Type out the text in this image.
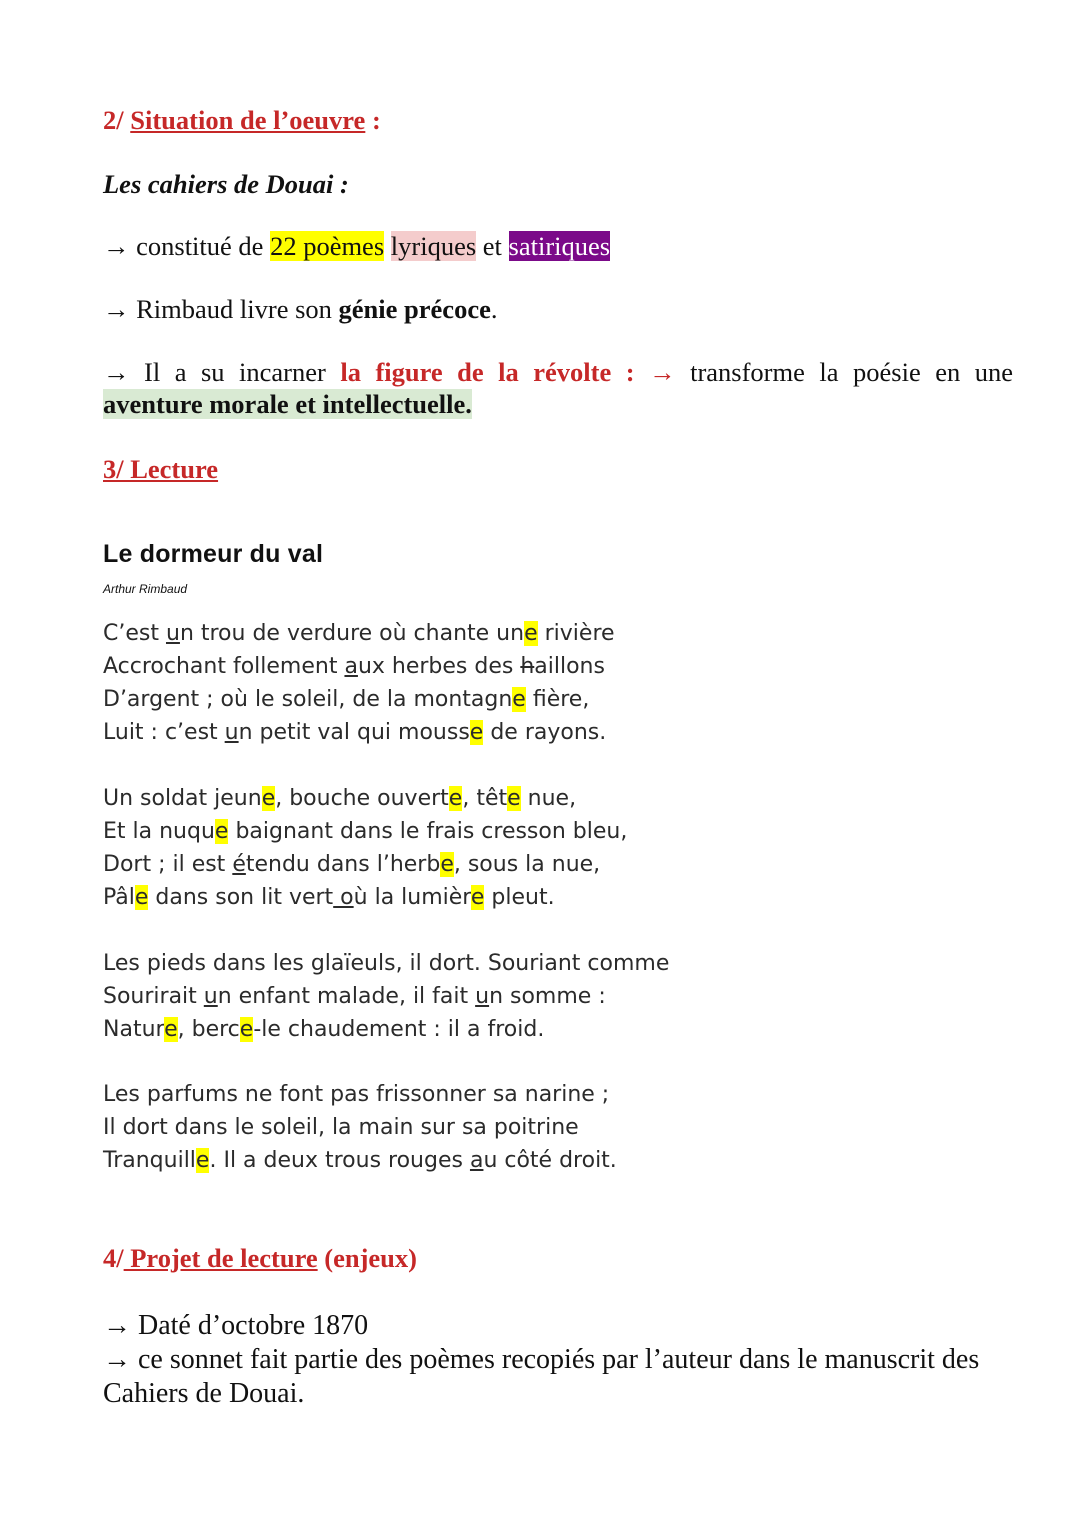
2/ Situation de l’oeuvre :
Les cahiers de Douai :
→ constitué de 22 poèmes lyriques et satiriques
→ Rimbaud livre son génie précoce.
→ Il a su incarner la figure de la révolte : → transforme la poésie en une
aventure morale et intellectuelle.
3/ Lecture
Le dormeur du val
Arthur Rimbaud
C’est un trou de verdure où chante une rivière
Accrochant follement aux herbes des haillons
D’argent ; où le soleil, de la montagne fière,
Luit : c’est un petit val qui mousse de rayons.
Un soldat jeune, bouche ouverte, tête nue,
Et la nuque baignant dans le frais cresson bleu,
Dort ; il est étendu dans l’herbe, sous la nue,
Pâle dans son lit vert où la lumière pleut.
Les pieds dans les glaïeuls, il dort. Souriant comme
Sourirait un enfant malade, il fait un somme :
Nature, berce-le chaudement : il a froid.
Les parfums ne font pas frissonner sa narine ;
Il dort dans le soleil, la main sur sa poitrine
Tranquille. Il a deux trous rouges au côté droit.
4/ Projet de lecture (enjeux)
→ Daté d’octobre 1870
→ ce sonnet fait partie des poèmes recopiés par l’auteur dans le manuscrit des
Cahiers de Douai.
